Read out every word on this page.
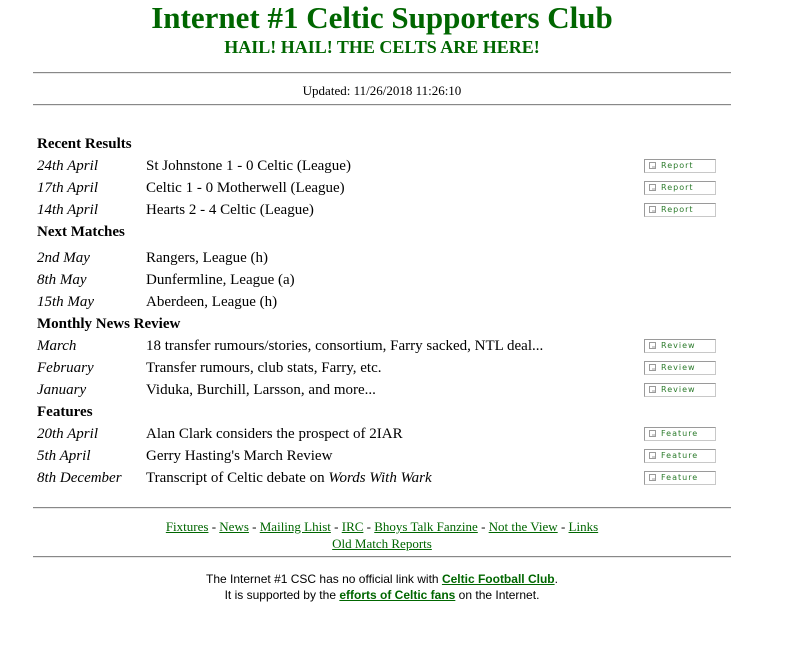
Internet #1 Celtic Supporters Club
HAIL! HAIL! THE CELTS ARE HERE!
Updated: 11/26/2018 11:26:10
Recent Results
24th April	St Johnstone 1 - 0 Celtic (League)	Report
17th April	Celtic 1 - 0 Motherwell (League)	Report
14th April	Hearts 2 - 4 Celtic (League)	Report
Next Matches
2nd May	Rangers, League (h)
8th May	Dunfermline, League (a)
15th May	Aberdeen, League (h)
Monthly News Review
March	18 transfer rumours/stories, consortium, Farry sacked, NTL deal...	Review
February	Transfer rumours, club stats, Farry, etc.	Review
January	Viduka, Burchill, Larsson, and more...	Review
Features
20th April	Alan Clark considers the prospect of 2IAR	Feature
5th April	Gerry Hasting's March Review	Feature
8th December Transcript of Celtic debate on Words With Wark	Feature
Fixtures - News - Mailing Lhist - IRC - Bhoys Talk Fanzine - Not the View - Links
Old Match Reports
The Internet #1 CSC has no official link with Celtic Football Club.
It is supported by the efforts of Celtic fans on the Internet.
